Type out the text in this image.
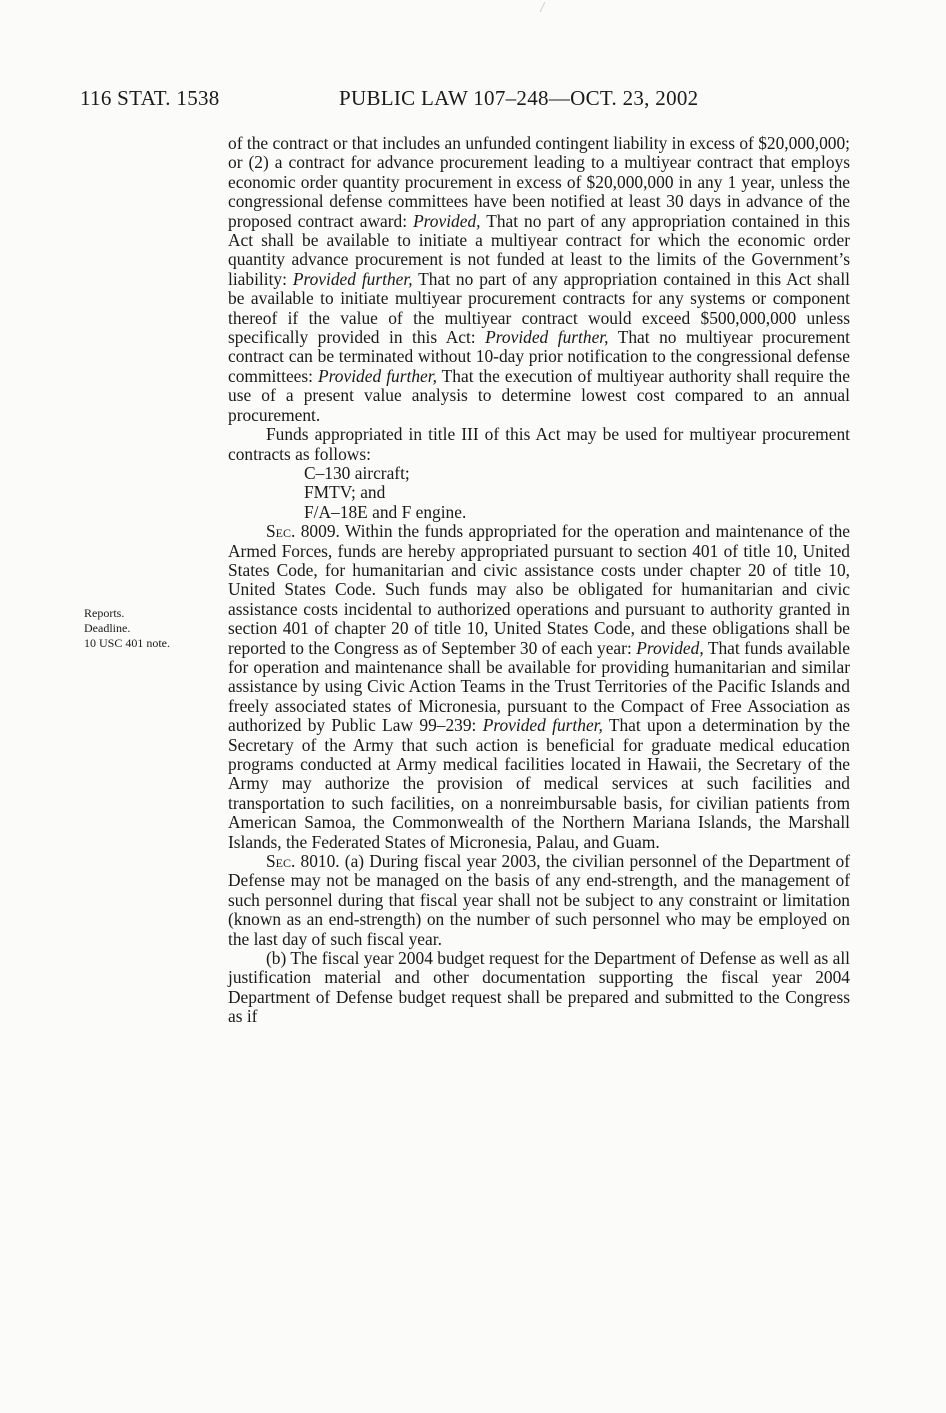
116 STAT. 1538	PUBLIC LAW 107–248—OCT. 23, 2002
Reports.
Deadline.
10 USC 401 note.

of the contract or that includes an unfunded contingent liability in excess of $20,000,000; or (2) a contract for advance procurement leading to a multiyear contract that employs economic order quantity procurement in excess of $20,000,000 in any 1 year, unless the congressional defense committees have been notified at least 30 days in advance of the proposed contract award: Provided, That no part of any appropriation contained in this Act shall be available to initiate a multiyear contract for which the economic order quantity advance procurement is not funded at least to the limits of the Government’s liability: Provided further, That no part of any appropriation contained in this Act shall be available to initiate multiyear procurement contracts for any systems or component thereof if the value of the multiyear contract would exceed $500,000,000 unless specifically provided in this Act: Provided further, That no multiyear procurement contract can be terminated without 10-day prior notification to the congressional defense committees: Provided further, That the execution of multiyear authority shall require the use of a present value analysis to determine lowest cost compared to an annual procurement.

Funds appropriated in title III of this Act may be used for multiyear procurement contracts as follows:

C–130 aircraft;

FMTV; and

F/A–18E and F engine.

Sec. 8009. Within the funds appropriated for the operation and maintenance of the Armed Forces, funds are hereby appropriated pursuant to section 401 of title 10, United States Code, for humanitarian and civic assistance costs under chapter 20 of title 10, United States Code. Such funds may also be obligated for humanitarian and civic assistance costs incidental to authorized operations and pursuant to authority granted in section 401 of chapter 20 of title 10, United States Code, and these obligations shall be reported to the Congress as of September 30 of each year: Provided, That funds available for operation and maintenance shall be available for providing humanitarian and similar assistance by using Civic Action Teams in the Trust Territories of the Pacific Islands and freely associated states of Micronesia, pursuant to the Compact of Free Association as authorized by Public Law 99–239: Provided further, That upon a determination by the Secretary of the Army that such action is beneficial for graduate medical education programs conducted at Army medical facilities located in Hawaii, the Secretary of the Army may authorize the provision of medical services at such facilities and transportation to such facilities, on a nonreimbursable basis, for civilian patients from American Samoa, the Commonwealth of the Northern Mariana Islands, the Marshall Islands, the Federated States of Micronesia, Palau, and Guam.

Sec. 8010. (a) During fiscal year 2003, the civilian personnel of the Department of Defense may not be managed on the basis of any end-strength, and the management of such personnel during that fiscal year shall not be subject to any constraint or limitation (known as an end-strength) on the number of such personnel who may be employed on the last day of such fiscal year.

(b) The fiscal year 2004 budget request for the Department of Defense as well as all justification material and other documentation supporting the fiscal year 2004 Department of Defense budget request shall be prepared and submitted to the Congress as if
